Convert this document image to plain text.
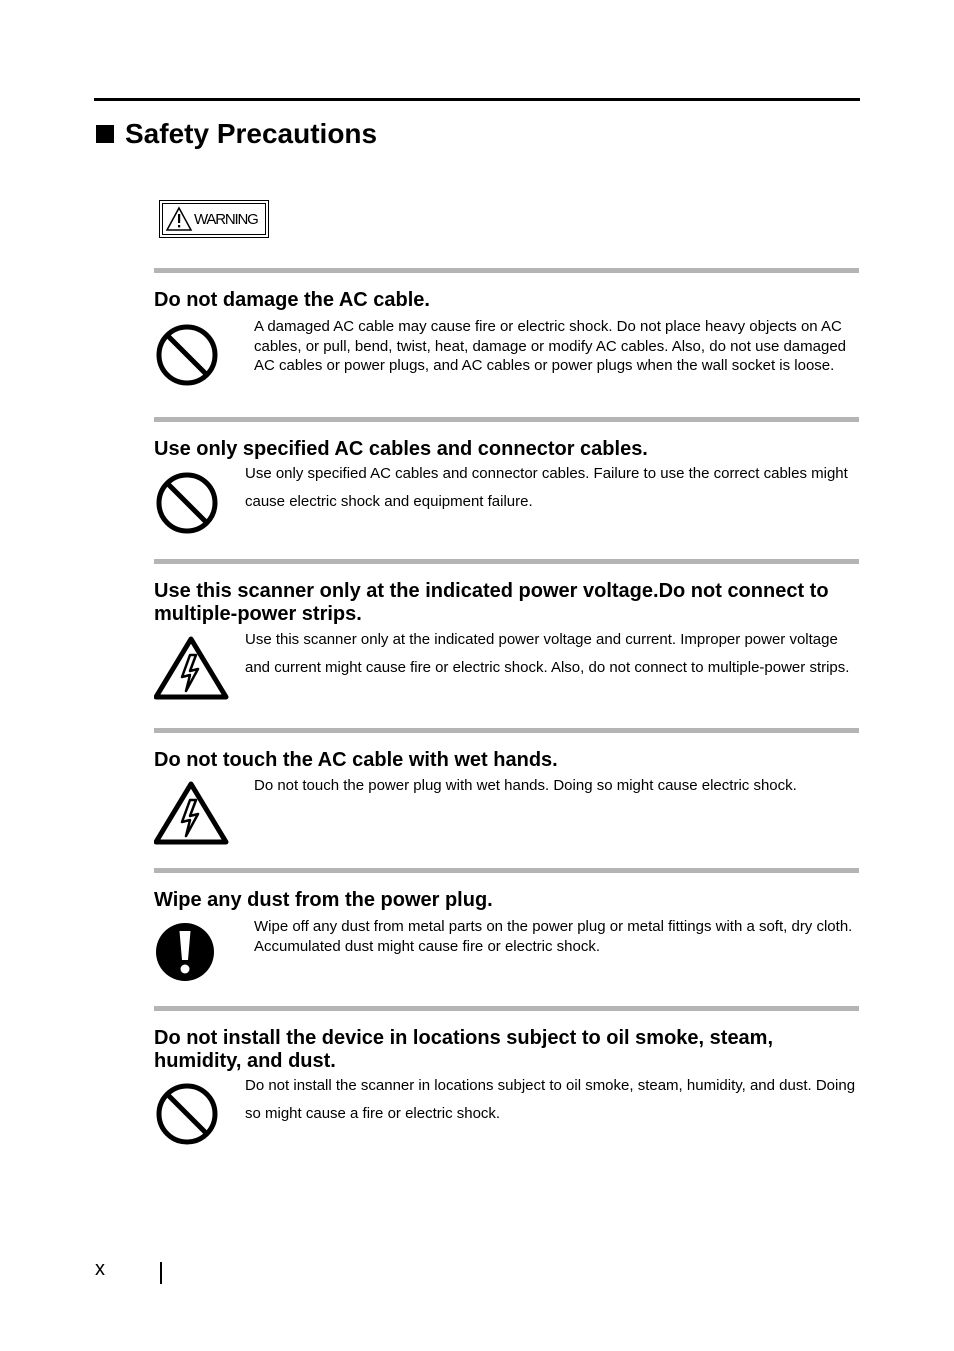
Safety Precautions
WARNING
Do not damage the AC cable.

A damaged AC cable may cause fire or electric shock. Do not place heavy objects on AC cables, or pull, bend, twist, heat, damage or modify AC cables. Also, do not use damaged AC cables or power plugs, and AC cables or power plugs when the wall socket is loose.

Use only specified AC cables and connector cables.

Use only specified AC cables and connector cables. Failure to use the correct cables might cause electric shock and equipment failure.

Use this scanner only at the indicated power voltage.Do not connect to multiple-power strips.

Use this scanner only at the indicated power voltage and current. Improper power voltage and current might cause fire or electric shock. Also, do not connect to multiple-power strips.

Do not touch the AC cable with wet hands.

Do not touch the power plug with wet hands. Doing so might cause electric shock.

Wipe any dust from the power plug.

Wipe off any dust from metal parts on the power plug or metal fittings with a soft, dry cloth. Accumulated dust might cause fire or electric shock.

Do not install the device in locations subject to oil smoke, steam, humidity, and dust.

Do not install the scanner in locations subject to oil smoke, steam, humidity, and dust. Doing so might cause a fire or electric shock.

x
